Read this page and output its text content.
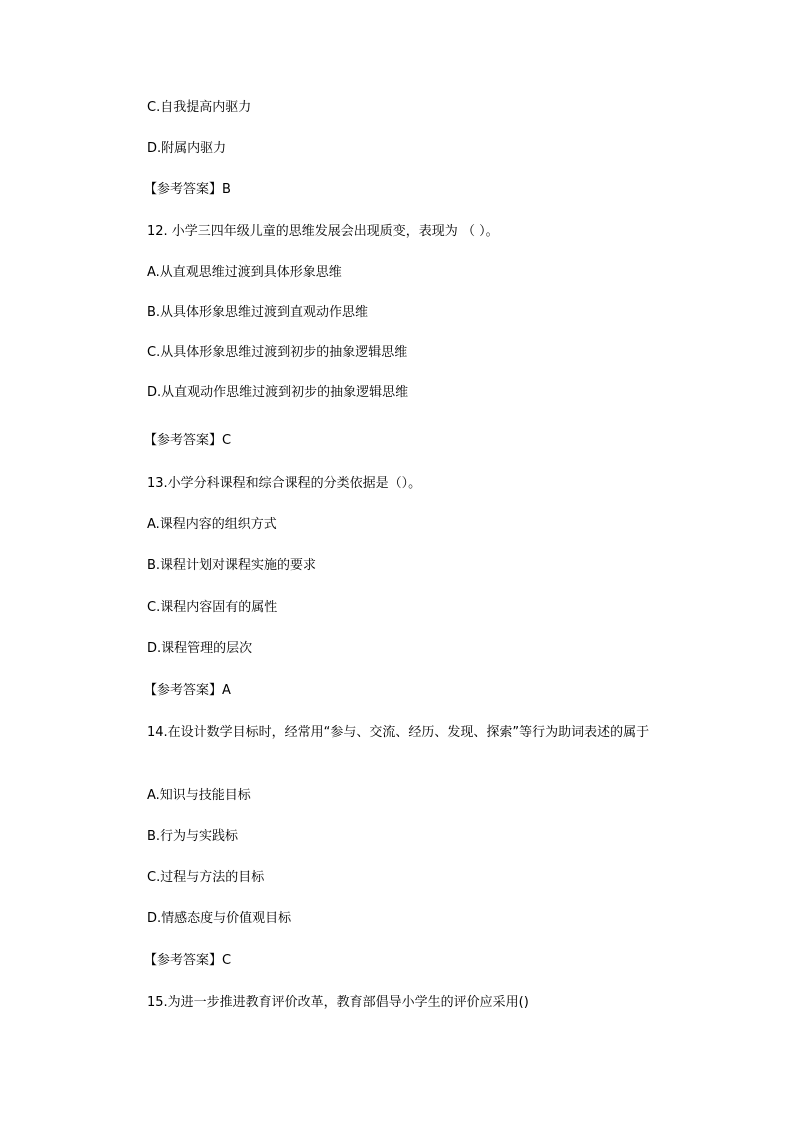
C.自我提高内驱力
D.附属内驱力
【参考答案】B
12. 小学三四年级儿童的思维发展会出现质变，表现为 （ ）。
A.从直观思维过渡到具体形象思维
B.从具体形象思维过渡到直观动作思维
C.从具体形象思维过渡到初步的抽象逻辑思维
D.从直观动作思维过渡到初步的抽象逻辑思维
【参考答案】C
13.小学分科课程和综合课程的分类依据是（）。
A.课程内容的组织方式
B.课程计划对课程实施的要求
C.课程内容固有的属性
D.课程管理的层次
【参考答案】A
14.在设计数学目标时，经常用“参与、交流、经历、发现、探索”等行为助词表述的属于
A.知识与技能目标
B.行为与实践标
C.过程与方法的目标
D.情感态度与价值观目标
【参考答案】C
15.为进一步推进教育评价改革，教育部倡导小学生的评价应采用()
